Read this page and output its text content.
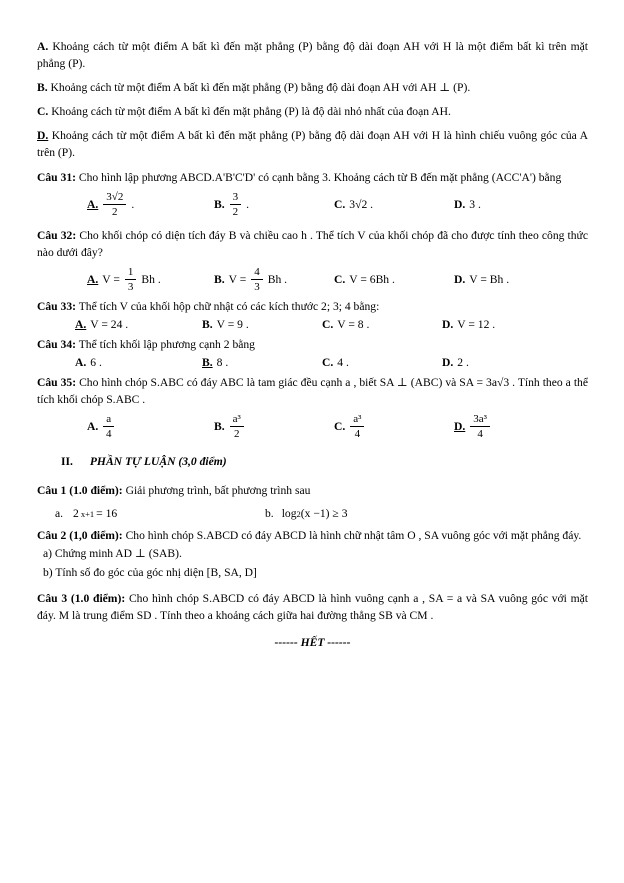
A. Khoảng cách từ một điểm A bất kì đến mặt phẳng (P) bằng độ dài đoạn AH với H là một điểm bất kì trên mặt phẳng (P).

B. Khoảng cách từ một điểm A bất kì đến mặt phẳng (P) bằng độ dài đoạn AH với AH ⊥ (P).

C. Khoảng cách từ một điểm A bất kì đến mặt phẳng (P) là độ dài nhỏ nhất của đoạn AH.

D. Khoảng cách từ một điểm A bất kì đến mặt phẳng (P) bằng độ dài đoạn AH với H là hình chiếu vuông góc của A trên (P).

Câu 31: Cho hình lập phương ABCD.A'B'C'D' có cạnh bằng 3. Khoảng cách từ B đến mặt phẳng (ACC'A') bằng

A. $\frac{3√2}{2}$ .	B. $\frac{3}{2}$ .	C. 3√2 .	D. 3 .

Câu 32: Cho khối chóp có diện tích đáy B và chiều cao h . Thể tích V của khối chóp đã cho được tính theo công thức nào dưới đây?

A. $V = \frac{1}{3}$ Bh .	B. $V = \frac{4}{3}$ Bh .	C. V = 6Bh .	D. V = Bh .

Câu 33: Thể tích V của khối hộp chữ nhật có các kích thước 2; 3; 4 bằng:

A. V = 24 .	B. V = 9 .	C. V = 8 .	D. V = 12 .

Câu 34: Thể tích khối lập phương cạnh 2 bằng

A. 6 .	B. 8 .	C. 4 .	D. 2 .

Câu 35: Cho hình chóp S.ABC có đáy ABC là tam giác đều cạnh a , biết SA ⊥ (ABC) và SA = 3a√3 . Tính theo a thể tích khối chóp S.ABC .

A. $\frac{a}{4}$	B. $\frac{\text{a³}}{2}$	C. $\frac{\text{a³}}{4}$	D. $\frac{\text{3a³}}{4}$

II. PHẦN TỰ LUẬN (3,0 điểm)

Câu 1 (1.0 điểm): Giải phương trình, bất phương trình sau

a. 2 x+1 = 16	b. log 2 (x −1) ≥ 3

Câu 2 (1,0 điểm): Cho hình chóp S.ABCD có đáy ABCD là hình chữ nhật tâm O , SA vuông góc với mặt phẳng đáy.

a) Chứng minh AD ⊥ (SAB).

b) Tính số đo góc của góc nhị diện [B, SA, D]

Câu 3 (1.0 điểm): Cho hình chóp S.ABCD có đáy ABCD là hình vuông cạnh a , SA = a và SA vuông góc với mặt đáy. M là trung điểm SD . Tính theo a khoảng cách giữa hai đường thẳng SB và CM .

------ HẾT ------
